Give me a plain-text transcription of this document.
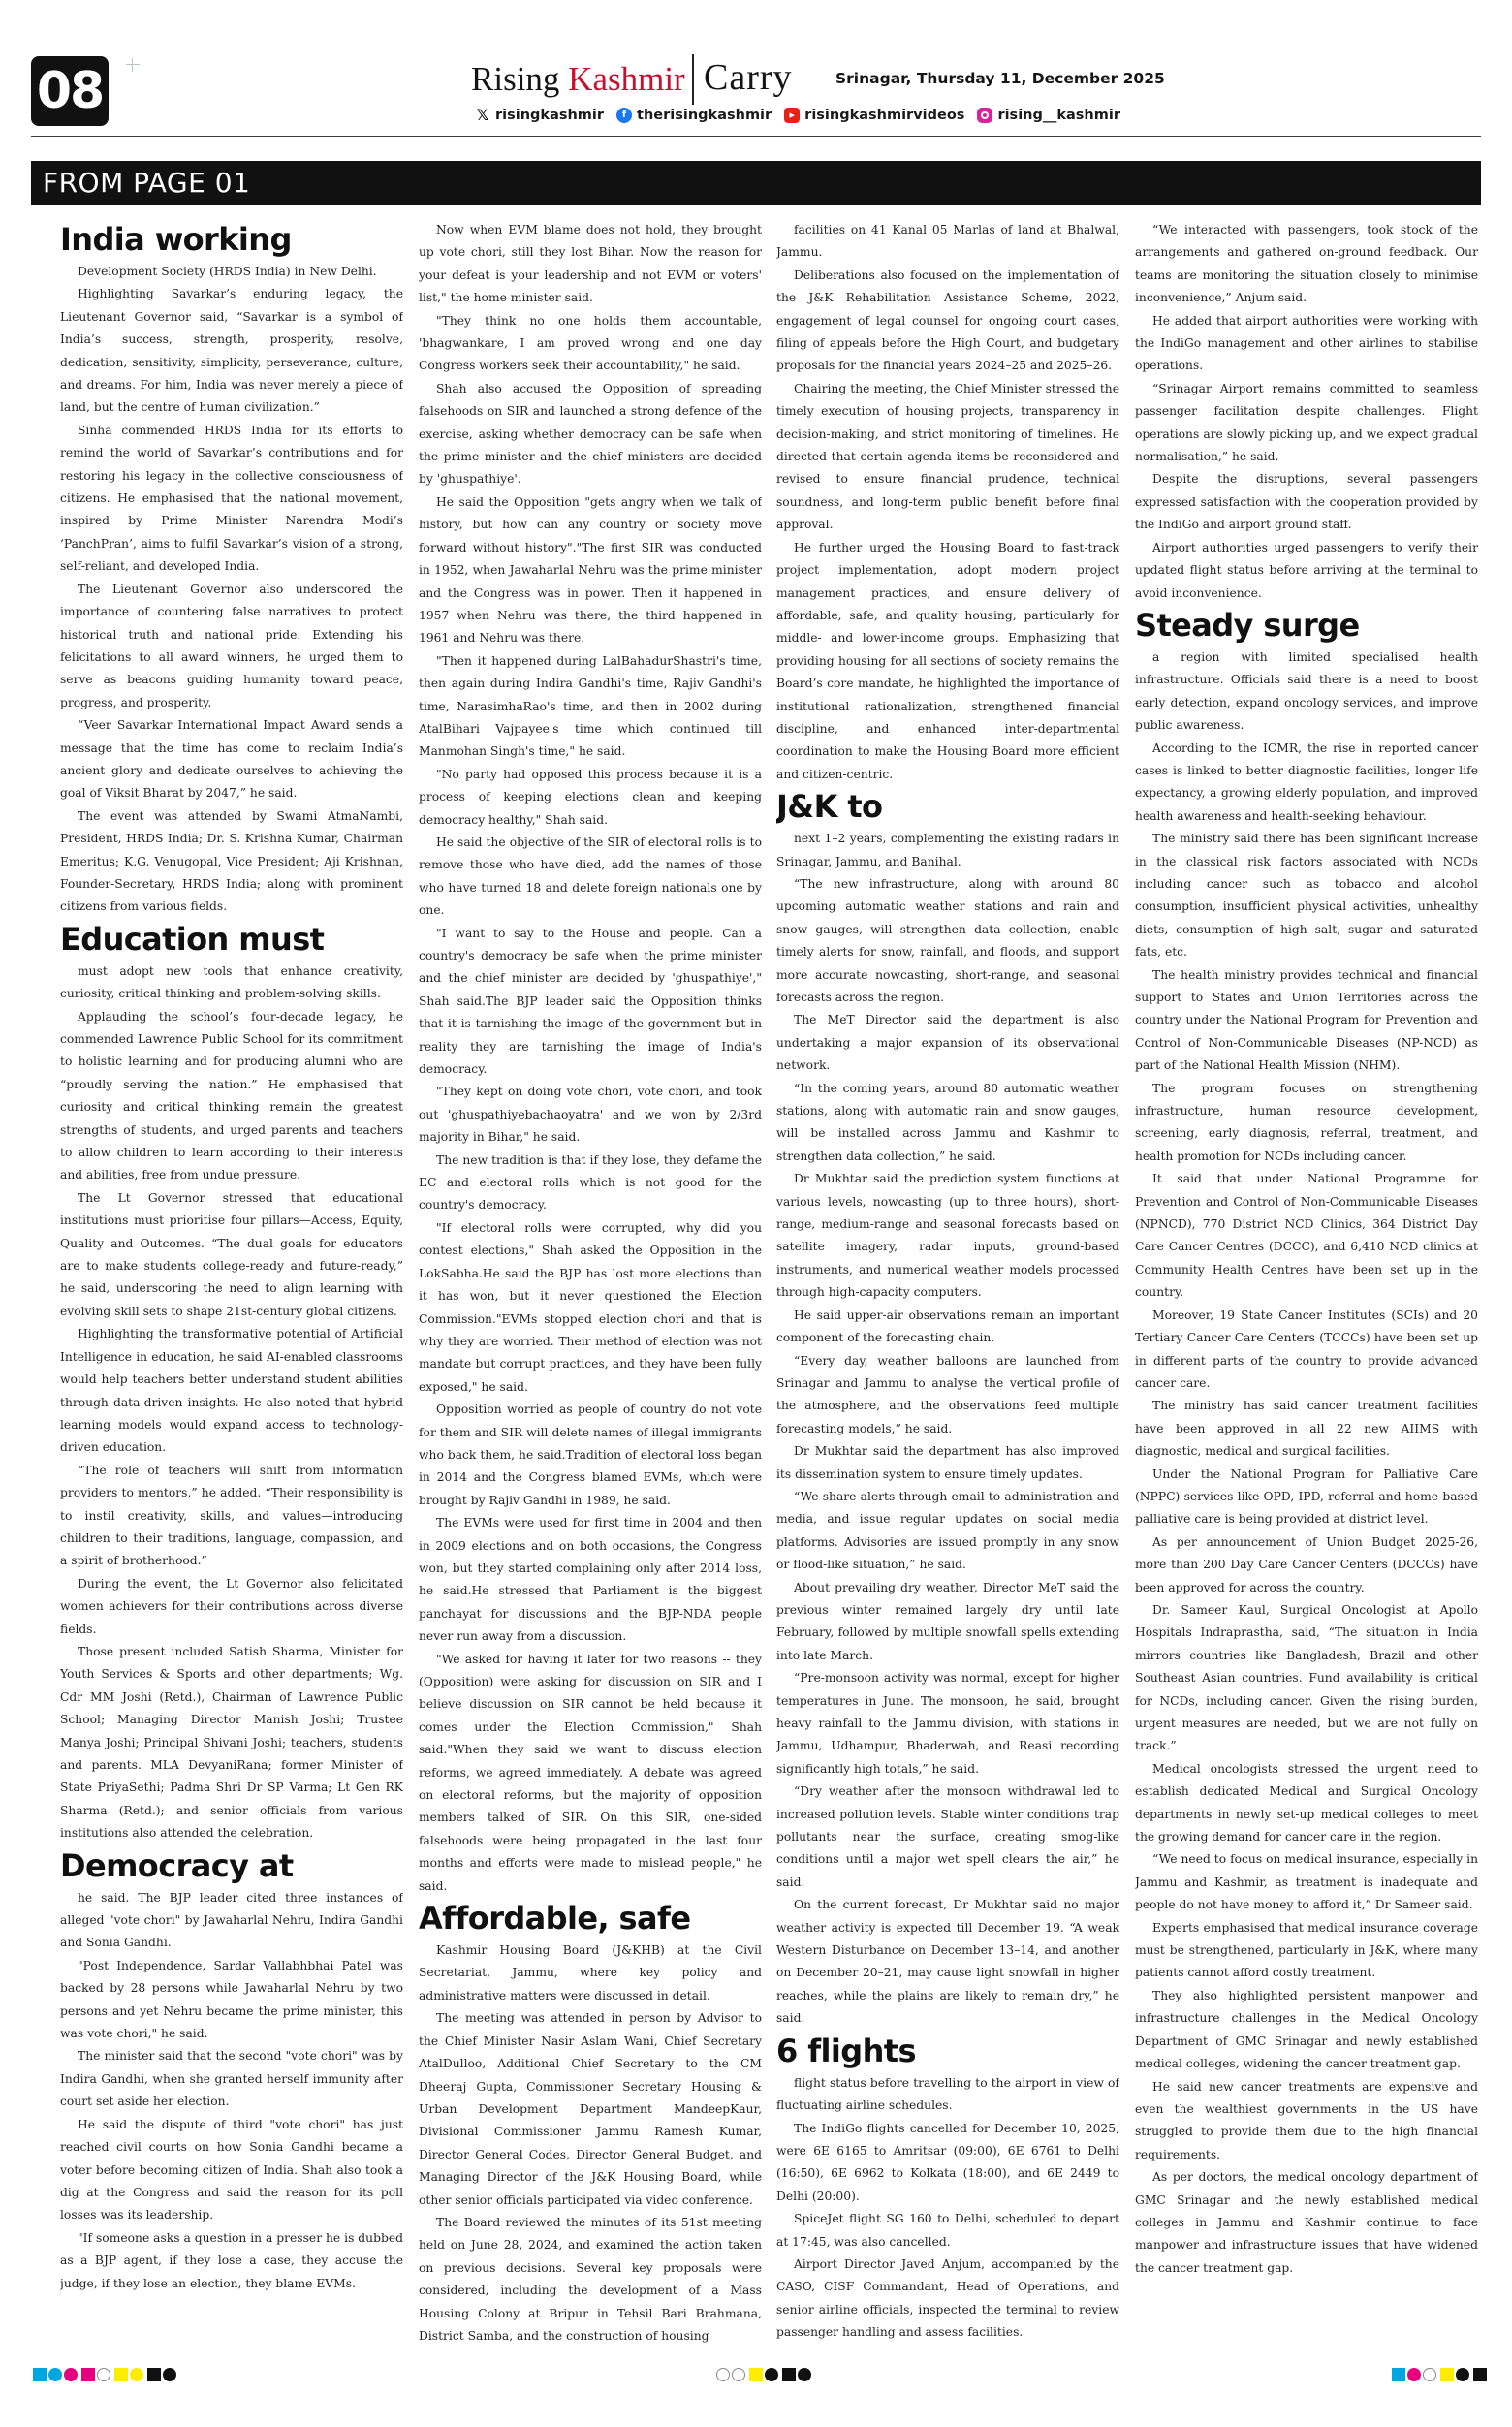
08	Rising Kashmir Carry	Srinagar, Thursday 11, December 2025
𝕏 risingkashmir	f therisingkashmir	▶ risingkashmirvideos rising__kashmir
FROM PAGE 01
India working

Development Society (HRDS India) in New Delhi.

Highlighting Savarkar’s enduring legacy, the Lieutenant Governor said, “Savarkar is a symbol of India’s success, strength, prosperity, resolve, dedication, sensitivity, simplicity, perseverance, culture, and dreams. For him, India was never merely a piece of land, but the centre of human civilization.”

Sinha commended HRDS India for its efforts to remind the world of Savarkar’s contributions and for restoring his legacy in the collective consciousness of citizens. He emphasised that the national movement, inspired by Prime Minister Narendra Modi’s ‘PanchPran’, aims to fulfil Savarkar’s vision of a strong, self-reliant, and developed India.

The Lieutenant Governor also underscored the importance of countering false narratives to protect historical truth and national pride. Extending his felicitations to all award winners, he urged them to serve as beacons guiding humanity toward peace, progress, and prosperity.

“Veer Savarkar International Impact Award sends a message that the time has come to reclaim India’s ancient glory and dedicate ourselves to achieving the goal of Viksit Bharat by 2047,” he said.

The event was attended by Swami AtmaNambi, President, HRDS India; Dr. S. Krishna Kumar, Chairman Emeritus; K.G. Venugopal, Vice President; Aji Krishnan, Founder-Secretary, HRDS India; along with prominent citizens from various fields.

Education must

must adopt new tools that enhance creativity, curiosity, critical thinking and problem-solving skills.

Applauding the school’s four-decade legacy, he commended Lawrence Public School for its commitment to holistic learning and for producing alumni who are “proudly serving the nation.” He emphasised that curiosity and critical thinking remain the greatest strengths of students, and urged parents and teachers to allow children to learn according to their interests and abilities, free from undue pressure.

The Lt Governor stressed that educational institutions must prioritise four pillars—Access, Equity, Quality and Outcomes. “The dual goals for educators are to make students college-ready and future-ready,” he said, underscoring the need to align learning with evolving skill sets to shape 21st-century global citizens.

Highlighting the transformative potential of Artificial Intelligence in education, he said AI-enabled classrooms would help teachers better understand student abilities through data-driven insights. He also noted that hybrid learning models would expand access to technology-driven education.

“The role of teachers will shift from information providers to mentors,” he added. “Their responsibility is to instil creativity, skills, and values—introducing children to their traditions, language, compassion, and a spirit of brotherhood.”

During the event, the Lt Governor also felicitated women achievers for their contributions across diverse fields.

Those present included Satish Sharma, Minister for Youth Services & Sports and other departments; Wg. Cdr MM Joshi (Retd.), Chairman of Lawrence Public School; Managing Director Manish Joshi; Trustee Manya Joshi; Principal Shivani Joshi; teachers, students and parents. MLA DevyaniRana; former Minister of State PriyaSethi; Padma Shri Dr SP Varma; Lt Gen RK Sharma (Retd.); and senior officials from various institutions also attended the celebration.

Democracy at

he said. The BJP leader cited three instances of alleged "vote chori" by Jawaharlal Nehru, Indira Gandhi and Sonia Gandhi.

"Post Independence, Sardar Vallabhbhai Patel was backed by 28 persons while Jawaharlal Nehru by two persons and yet Nehru became the prime minister, this was vote chori," he said.

The minister said that the second "vote chori" was by Indira Gandhi, when she granted herself immunity after court set aside her election.

He said the dispute of third "vote chori" has just reached civil courts on how Sonia Gandhi became a voter before becoming citizen of India. Shah also took a dig at the Congress and said the reason for its poll losses was its leadership.

"If someone asks a question in a presser he is dubbed as a BJP agent, if they lose a case, they accuse the judge, if they lose an election, they blame EVMs.

Now when EVM blame does not hold, they brought up vote chori, still they lost Bihar. Now the reason for your defeat is your leadership and not EVM or voters' list," the home minister said.

"They think no one holds them accountable, 'bhagwankare, I am proved wrong and one day Congress workers seek their accountability," he said.

Shah also accused the Opposition of spreading falsehoods on SIR and launched a strong defence of the exercise, asking whether democracy can be safe when the prime minister and the chief ministers are decided by 'ghuspathiye'.

He said the Opposition "gets angry when we talk of history, but how can any country or society move forward without history"."The first SIR was conducted in 1952, when Jawaharlal Nehru was the prime minister and the Congress was in power. Then it happened in 1957 when Nehru was there, the third happened in 1961 and Nehru was there.

"Then it happened during LalBahadurShastri's time, then again during Indira Gandhi's time, Rajiv Gandhi's time, NarasimhaRao's time, and then in 2002 during AtalBihari Vajpayee's time which continued till Manmohan Singh's time," he said.

"No party had opposed this process because it is a process of keeping elections clean and keeping democracy healthy," Shah said.

He said the objective of the SIR of electoral rolls is to remove those who have died, add the names of those who have turned 18 and delete foreign nationals one by one.

"I want to say to the House and people. Can a country's democracy be safe when the prime minister and the chief minister are decided by 'ghuspathiye'," Shah said.The BJP leader said the Opposition thinks that it is tarnishing the image of the government but in reality they are tarnishing the image of India's democracy.

"They kept on doing vote chori, vote chori, and took out 'ghuspathiyebachaoyatra' and we won by 2/3rd majority in Bihar," he said.

The new tradition is that if they lose, they defame the EC and electoral rolls which is not good for the country's democracy.

"If electoral rolls were corrupted, why did you contest elections," Shah asked the Opposition in the LokSabha.He said the BJP has lost more elections than it has won, but it never questioned the Election Commission."EVMs stopped election chori and that is why they are worried. Their method of election was not mandate but corrupt practices, and they have been fully exposed," he said.

Opposition worried as people of country do not vote for them and SIR will delete names of illegal immigrants who back them, he said.Tradition of electoral loss began in 2014 and the Congress blamed EVMs, which were brought by Rajiv Gandhi in 1989, he said.

The EVMs were used for first time in 2004 and then in 2009 elections and on both occasions, the Congress won, but they started complaining only after 2014 loss, he said.He stressed that Parliament is the biggest panchayat for discussions and the BJP-NDA people never run away from a discussion.

"We asked for having it later for two reasons -- they (Opposition) were asking for discussion on SIR and I believe discussion on SIR cannot be held because it comes under the Election Commission," Shah said."When they said we want to discuss election reforms, we agreed immediately. A debate was agreed on electoral reforms, but the majority of opposition members talked of SIR. On this SIR, one-sided falsehoods were being propagated in the last four months and efforts were made to mislead people," he said.

Affordable, safe

Kashmir Housing Board (J&KHB) at the Civil Secretariat, Jammu, where key policy and administrative matters were discussed in detail.

The meeting was attended in person by Advisor to the Chief Minister Nasir Aslam Wani, Chief Secretary AtalDulloo, Additional Chief Secretary to the CM Dheeraj Gupta, Commissioner Secretary Housing & Urban Development Department MandeepKaur, Divisional Commissioner Jammu Ramesh Kumar, Director General Codes, Director General Budget, and Managing Director of the J&K Housing Board, while other senior officials participated via video conference.

The Board reviewed the minutes of its 51st meeting held on June 28, 2024, and examined the action taken on previous decisions. Several key proposals were considered, including the development of a Mass Housing Colony at Bripur in Tehsil Bari Brahmana, District Samba, and the construction of housing

facilities on 41 Kanal 05 Marlas of land at Bhalwal, Jammu.

Deliberations also focused on the implementation of the J&K Rehabilitation Assistance Scheme, 2022, engagement of legal counsel for ongoing court cases, filing of appeals before the High Court, and budgetary proposals for the financial years 2024–25 and 2025–26.

Chairing the meeting, the Chief Minister stressed the timely execution of housing projects, transparency in decision-making, and strict monitoring of timelines. He directed that certain agenda items be reconsidered and revised to ensure financial prudence, technical soundness, and long-term public benefit before final approval.

He further urged the Housing Board to fast-track project implementation, adopt modern project management practices, and ensure delivery of affordable, safe, and quality housing, particularly for middle- and lower-income groups. Emphasizing that providing housing for all sections of society remains the Board’s core mandate, he highlighted the importance of institutional rationalization, strengthened financial discipline, and enhanced inter-departmental coordination to make the Housing Board more efficient and citizen-centric.

J&K to

next 1–2 years, complementing the existing radars in Srinagar, Jammu, and Banihal.

“The new infrastructure, along with around 80 upcoming automatic weather stations and rain and snow gauges, will strengthen data collection, enable timely alerts for snow, rainfall, and floods, and support more accurate nowcasting, short-range, and seasonal forecasts across the region.

The MeT Director said the department is also undertaking a major expansion of its observational network.

“In the coming years, around 80 automatic weather stations, along with automatic rain and snow gauges, will be installed across Jammu and Kashmir to strengthen data collection,” he said.

Dr Mukhtar said the prediction system functions at various levels, nowcasting (up to three hours), short-range, medium-range and seasonal forecasts based on satellite imagery, radar inputs, ground-based instruments, and numerical weather models processed through high-capacity computers.

He said upper-air observations remain an important component of the forecasting chain.

“Every day, weather balloons are launched from Srinagar and Jammu to analyse the vertical profile of the atmosphere, and the observations feed multiple forecasting models,” he said.

Dr Mukhtar said the department has also improved its dissemination system to ensure timely updates.

“We share alerts through email to administration and media, and issue regular updates on social media platforms. Advisories are issued promptly in any snow or flood-like situation,” he said.

About prevailing dry weather, Director MeT said the previous winter remained largely dry until late February, followed by multiple snowfall spells extending into late March.

“Pre-monsoon activity was normal, except for higher temperatures in June. The monsoon, he said, brought heavy rainfall to the Jammu division, with stations in Jammu, Udhampur, Bhaderwah, and Reasi recording significantly high totals,” he said.

“Dry weather after the monsoon withdrawal led to increased pollution levels. Stable winter conditions trap pollutants near the surface, creating smog-like conditions until a major wet spell clears the air,” he said.

On the current forecast, Dr Mukhtar said no major weather activity is expected till December 19. “A weak Western Disturbance on December 13–14, and another on December 20–21, may cause light snowfall in higher reaches, while the plains are likely to remain dry,” he said.

6 flights

flight status before travelling to the airport in view of fluctuating airline schedules.

The IndiGo flights cancelled for December 10, 2025, were 6E 6165 to Amritsar (09:00), 6E 6761 to Delhi (16:50), 6E 6962 to Kolkata (18:00), and 6E 2449 to Delhi (20:00).

SpiceJet flight SG 160 to Delhi, scheduled to depart at 17:45, was also cancelled.

Airport Director Javed Anjum, accompanied by the CASO, CISF Commandant, Head of Operations, and senior airline officials, inspected the terminal to review passenger handling and assess facilities.

“We interacted with passengers, took stock of the arrangements and gathered on-ground feedback. Our teams are monitoring the situation closely to minimise inconvenience,” Anjum said.

He added that airport authorities were working with the IndiGo management and other airlines to stabilise operations.

“Srinagar Airport remains committed to seamless passenger facilitation despite challenges. Flight operations are slowly picking up, and we expect gradual normalisation,” he said.

Despite the disruptions, several passengers expressed satisfaction with the cooperation provided by the IndiGo and airport ground staff.

Airport authorities urged passengers to verify their updated flight status before arriving at the terminal to avoid inconvenience.

Steady surge

a region with limited specialised health infrastructure. Officials said there is a need to boost early detection, expand oncology services, and improve public awareness.

According to the ICMR, the rise in reported cancer cases is linked to better diagnostic facilities, longer life expectancy, a growing elderly population, and improved health awareness and health-seeking behaviour.

The ministry said there has been significant increase in the classical risk factors associated with NCDs including cancer such as tobacco and alcohol consumption, insufficient physical activities, unhealthy diets, consumption of high salt, sugar and saturated fats, etc.

The health ministry provides technical and financial support to States and Union Territories across the country under the National Program for Prevention and Control of Non-Communicable Diseases (NP-NCD) as part of the National Health Mission (NHM).

The program focuses on strengthening infrastructure, human resource development, screening, early diagnosis, referral, treatment, and health promotion for NCDs including cancer.

It said that under National Programme for Prevention and Control of Non-Communicable Diseases (NPNCD), 770 District NCD Clinics, 364 District Day Care Cancer Centres (DCCC), and 6,410 NCD clinics at Community Health Centres have been set up in the country.

Moreover, 19 State Cancer Institutes (SCIs) and 20 Tertiary Cancer Care Centers (TCCCs) have been set up in different parts of the country to provide advanced cancer care.

The ministry has said cancer treatment facilities have been approved in all 22 new AIIMS with diagnostic, medical and surgical facilities.

Under the National Program for Palliative Care (NPPC) services like OPD, IPD, referral and home based palliative care is being provided at district level.

As per announcement of Union Budget 2025-26, more than 200 Day Care Cancer Centers (DCCCs) have been approved for across the country.

Dr. Sameer Kaul, Surgical Oncologist at Apollo Hospitals Indraprastha, said, “The situation in India mirrors countries like Bangladesh, Brazil and other Southeast Asian countries. Fund availability is critical for NCDs, including cancer. Given the rising burden, urgent measures are needed, but we are not fully on track.”

Medical oncologists stressed the urgent need to establish dedicated Medical and Surgical Oncology departments in newly set-up medical colleges to meet the growing demand for cancer care in the region.

“We need to focus on medical insurance, especially in Jammu and Kashmir, as treatment is inadequate and people do not have money to afford it,” Dr Sameer said.

Experts emphasised that medical insurance coverage must be strengthened, particularly in J&K, where many patients cannot afford costly treatment.

They also highlighted persistent manpower and infrastructure challenges in the Medical Oncology Department of GMC Srinagar and newly established medical colleges, widening the cancer treatment gap.

He said new cancer treatments are expensive and even the wealthiest governments in the US have struggled to provide them due to the high financial requirements.

As per doctors, the medical oncology department of GMC Srinagar and the newly established medical colleges in Jammu and Kashmir continue to face manpower and infrastructure issues that have widened the cancer treatment gap.
